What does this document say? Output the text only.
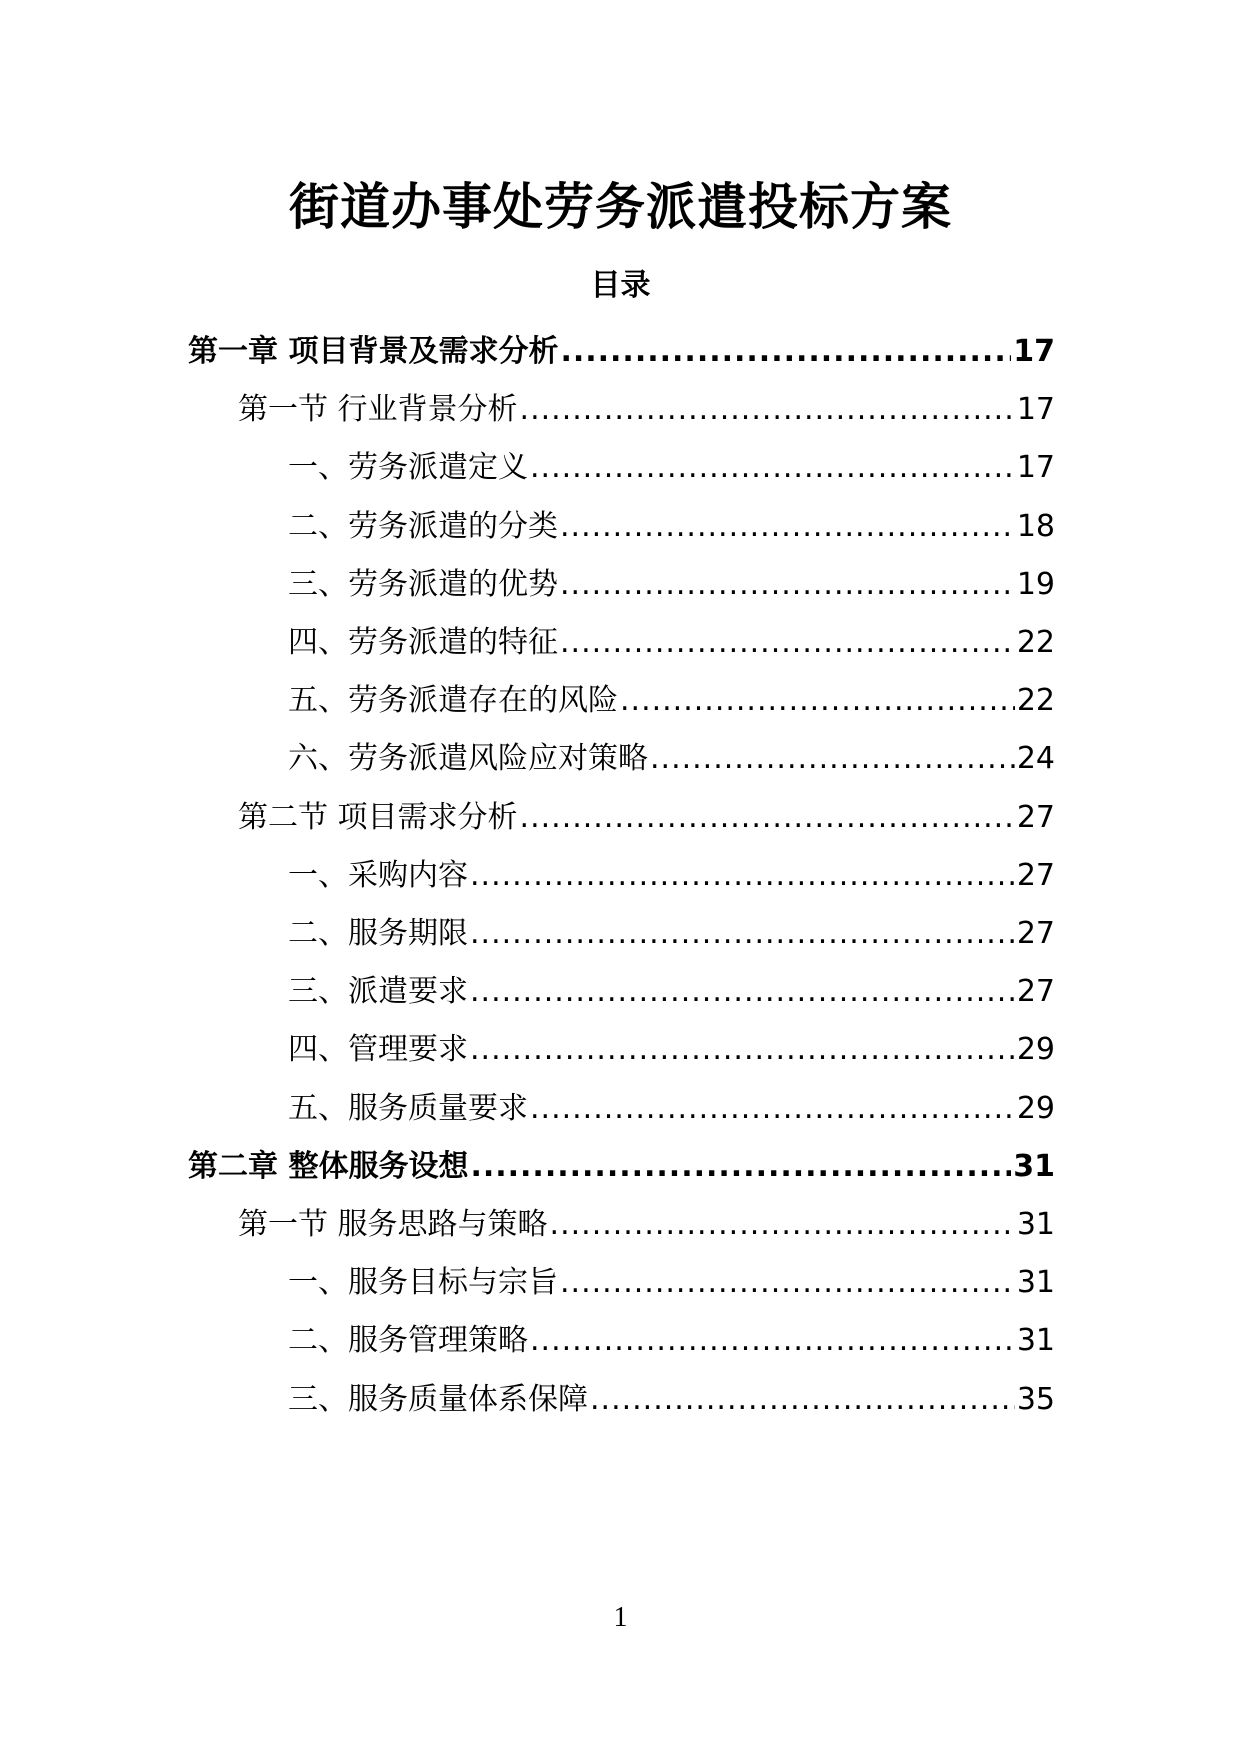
街道办事处劳务派遣投标方案
目录
第一章 项目背景及需求分析 .....	17
第一节 行业背景分析 .....	17
一、劳务派遣定义 .....	17
二、劳务派遣的分类 .....	18
三、劳务派遣的优势 .....	19
四、劳务派遣的特征 .....	22
五、劳务派遣存在的风险 .....	22
六、劳务派遣风险应对策略 .....	24
第二节 项目需求分析 .....	27
一、采购内容 .....	27
二、服务期限 .....	27
三、派遣要求 .....	27
四、管理要求 .....	29
五、服务质量要求 .....	29
第二章 整体服务设想 .....	31
第一节 服务思路与策略 .....	31
一、服务目标与宗旨 .....	31
二、服务管理策略 .....	31
三、服务质量体系保障 .....	35
1
